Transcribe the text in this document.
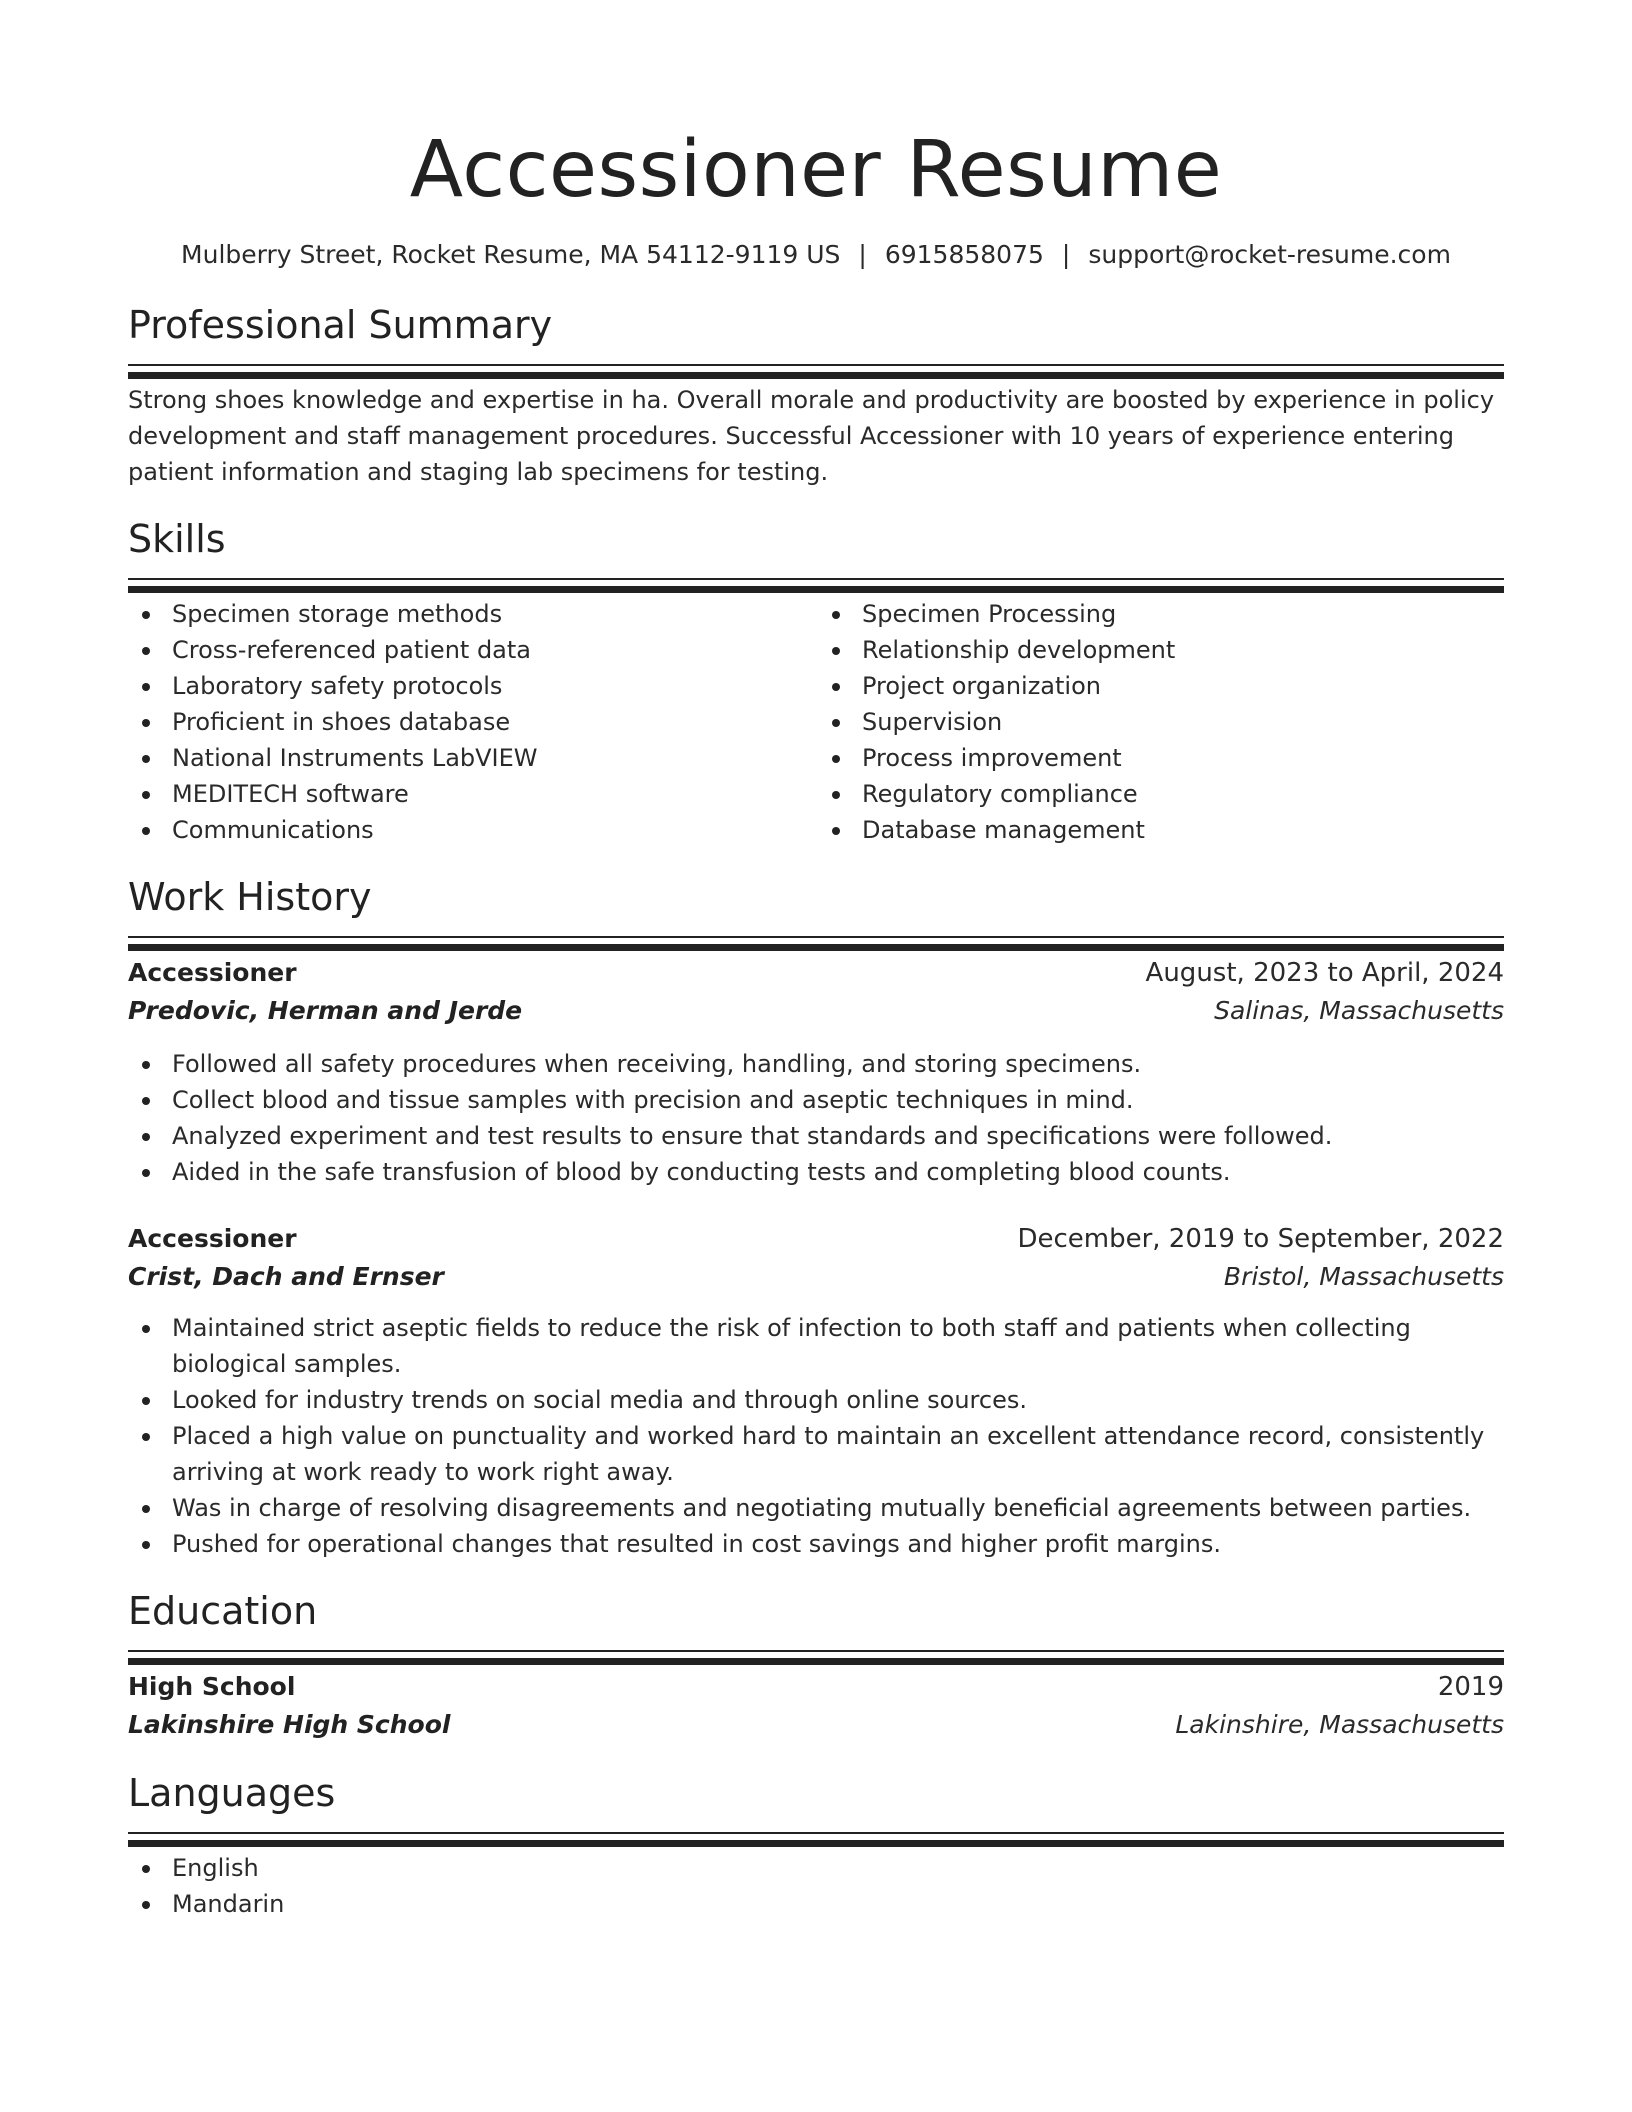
Accessioner Resume
Mulberry Street, Rocket Resume, MA 54112-9119 US | 6915858075 | support@rocket-resume.com
Professional Summary

Strong shoes knowledge and expertise in ha. Overall morale and productivity are boosted by experience in policy development and staff management procedures. Successful Accessioner with 10 years of experience entering patient information and staging lab specimens for testing.

Skills
Specimen storage methods
Cross-referenced patient data
Laboratory safety protocols
Proficient in shoes database
National Instruments LabVIEW
MEDITECH software
Communications
Specimen Processing
Relationship development
Project organization
Supervision
Process improvement
Regulatory compliance
Database management
Work History
Accessioner	August, 2023 to April, 2024
Predovic, Herman and Jerde	Salinas, Massachusetts
Followed all safety procedures when receiving, handling, and storing specimens.
Collect blood and tissue samples with precision and aseptic techniques in mind.
Analyzed experiment and test results to ensure that standards and specifications were followed.
Aided in the safe transfusion of blood by conducting tests and completing blood counts.
Accessioner	December, 2019 to September, 2022
Crist, Dach and Ernser	Bristol, Massachusetts
Maintained strict aseptic fields to reduce the risk of infection to both staff and patients when collecting biological samples.
Looked for industry trends on social media and through online sources.
Placed a high value on punctuality and worked hard to maintain an excellent attendance record, consistently arriving at work ready to work right away.
Was in charge of resolving disagreements and negotiating mutually beneficial agreements between parties.
Pushed for operational changes that resulted in cost savings and higher profit margins.
Education
High School	2019
Lakinshire High School	Lakinshire, Massachusetts
Languages
English
Mandarin
